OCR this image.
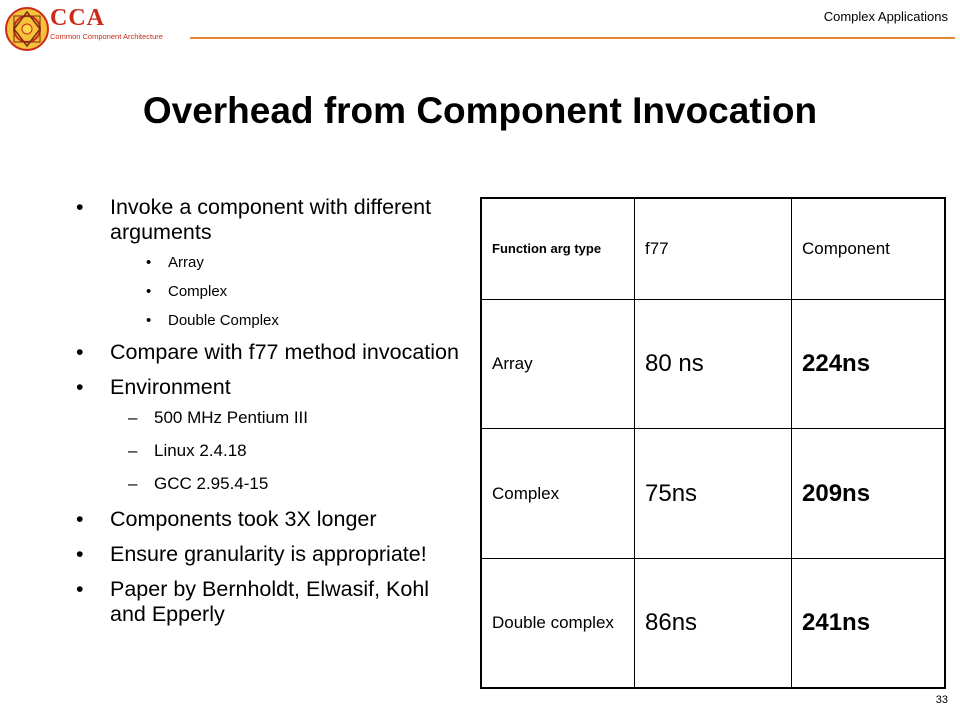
CCA
Common Component Architecture
Complex Applications
Overhead from Component Invocation
• Invoke a component with different arguments
• Array
• Complex
• Double Complex
• Compare with f77 method invocation
• Environment
– 500 MHz Pentium III
– Linux 2.4.18
– GCC 2.95.4-15
• Components took 3X longer
• Ensure granularity is appropriate!
• Paper by Bernholdt, Elwasif, Kohl and Epperly
Function arg type	f77	Component
Array	80 ns	224ns
Complex	75ns	209ns
Double complex	86ns	241ns
33
